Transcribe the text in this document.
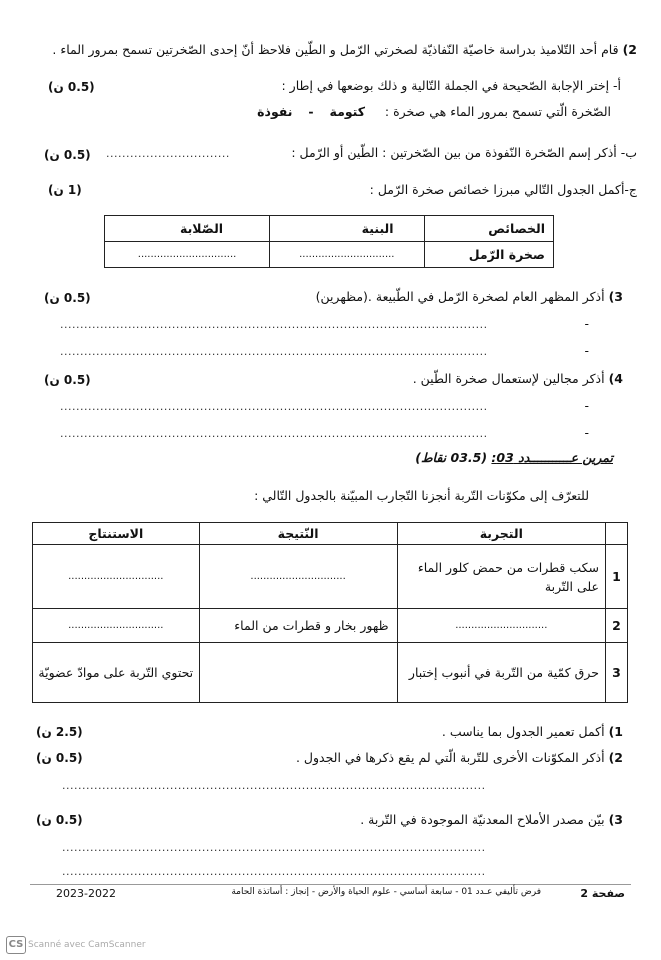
2) قام أحد التّلاميذ بدراسة خاصيّة النّفاذيّة لصخرتي الرّمل و الطّين فلاحظ أنّ إحدى الصّخرتين تسمح بمرور الماء .
أ- إختر الإجابة الصّحيحة في الجملة التّالية و ذلك بوضعها في إطار :
(0.5 ن)
الصّخرة الّتي تسمح بمرور الماء هي صخرة :     كتومة    -    نفوذة
ب- أذكر إسم الصّخرة النّفوذة من بين الصّخرتين : الطّين أو الرّمل :
...............................
(0.5 ن)
ج-أكمل الجدول التّالي مبرزا خصائص صخرة الرّمل :
(1 ن)
الخصائص	البنية	الصّلابة
صخرة الرّمل	..............................	...............................
3) أذكر المظهر العام لصخرة الرّمل في الطّبيعة .(مظهرين)
(0.5 ن)
-
...........................................................................................................
-
...........................................................................................................
4) أذكر مجالين لإستعمال صخرة الطّين .
(0.5 ن)
-
...........................................................................................................
-
...........................................................................................................
تمرين عـــــــــــدد 03: (03.5 نقاط)
للتعرّف إلى مكوّنات التّربة أنجزنا التّجارب المبيّنة بالجدول التّالي :
	التجربة	النّتيجة	الاستنتاج
1	سكب قطرات من حمض كلور الماء على التّربة	..............................	..............................
2	.............................	ظهور بخار و قطرات من الماء	..............................
3	حرق كمّية من التّربة في أنبوب إختبار		تحتوي التّربة على موادّ عضويّة
1) أكمل تعمير الجدول بما يناسب .
(2.5 ن)
2) أذكر المكوّنات الأخرى للتّربة الّتي لم يقع ذكرها في الجدول .
(0.5 ن)
..........................................................................................................
3) بيّن مصدر الأملاح المعدنيّة الموجودة في التّربة .
(0.5 ن)
..........................................................................................................
..........................................................................................................
صفحة 2
فرض تأليفي عـدد 01 - سابعة أساسي - علوم الحياة والأرض - إنجاز : أساتذة الحامة
2023-2022
CS Scanné avec CamScanner
